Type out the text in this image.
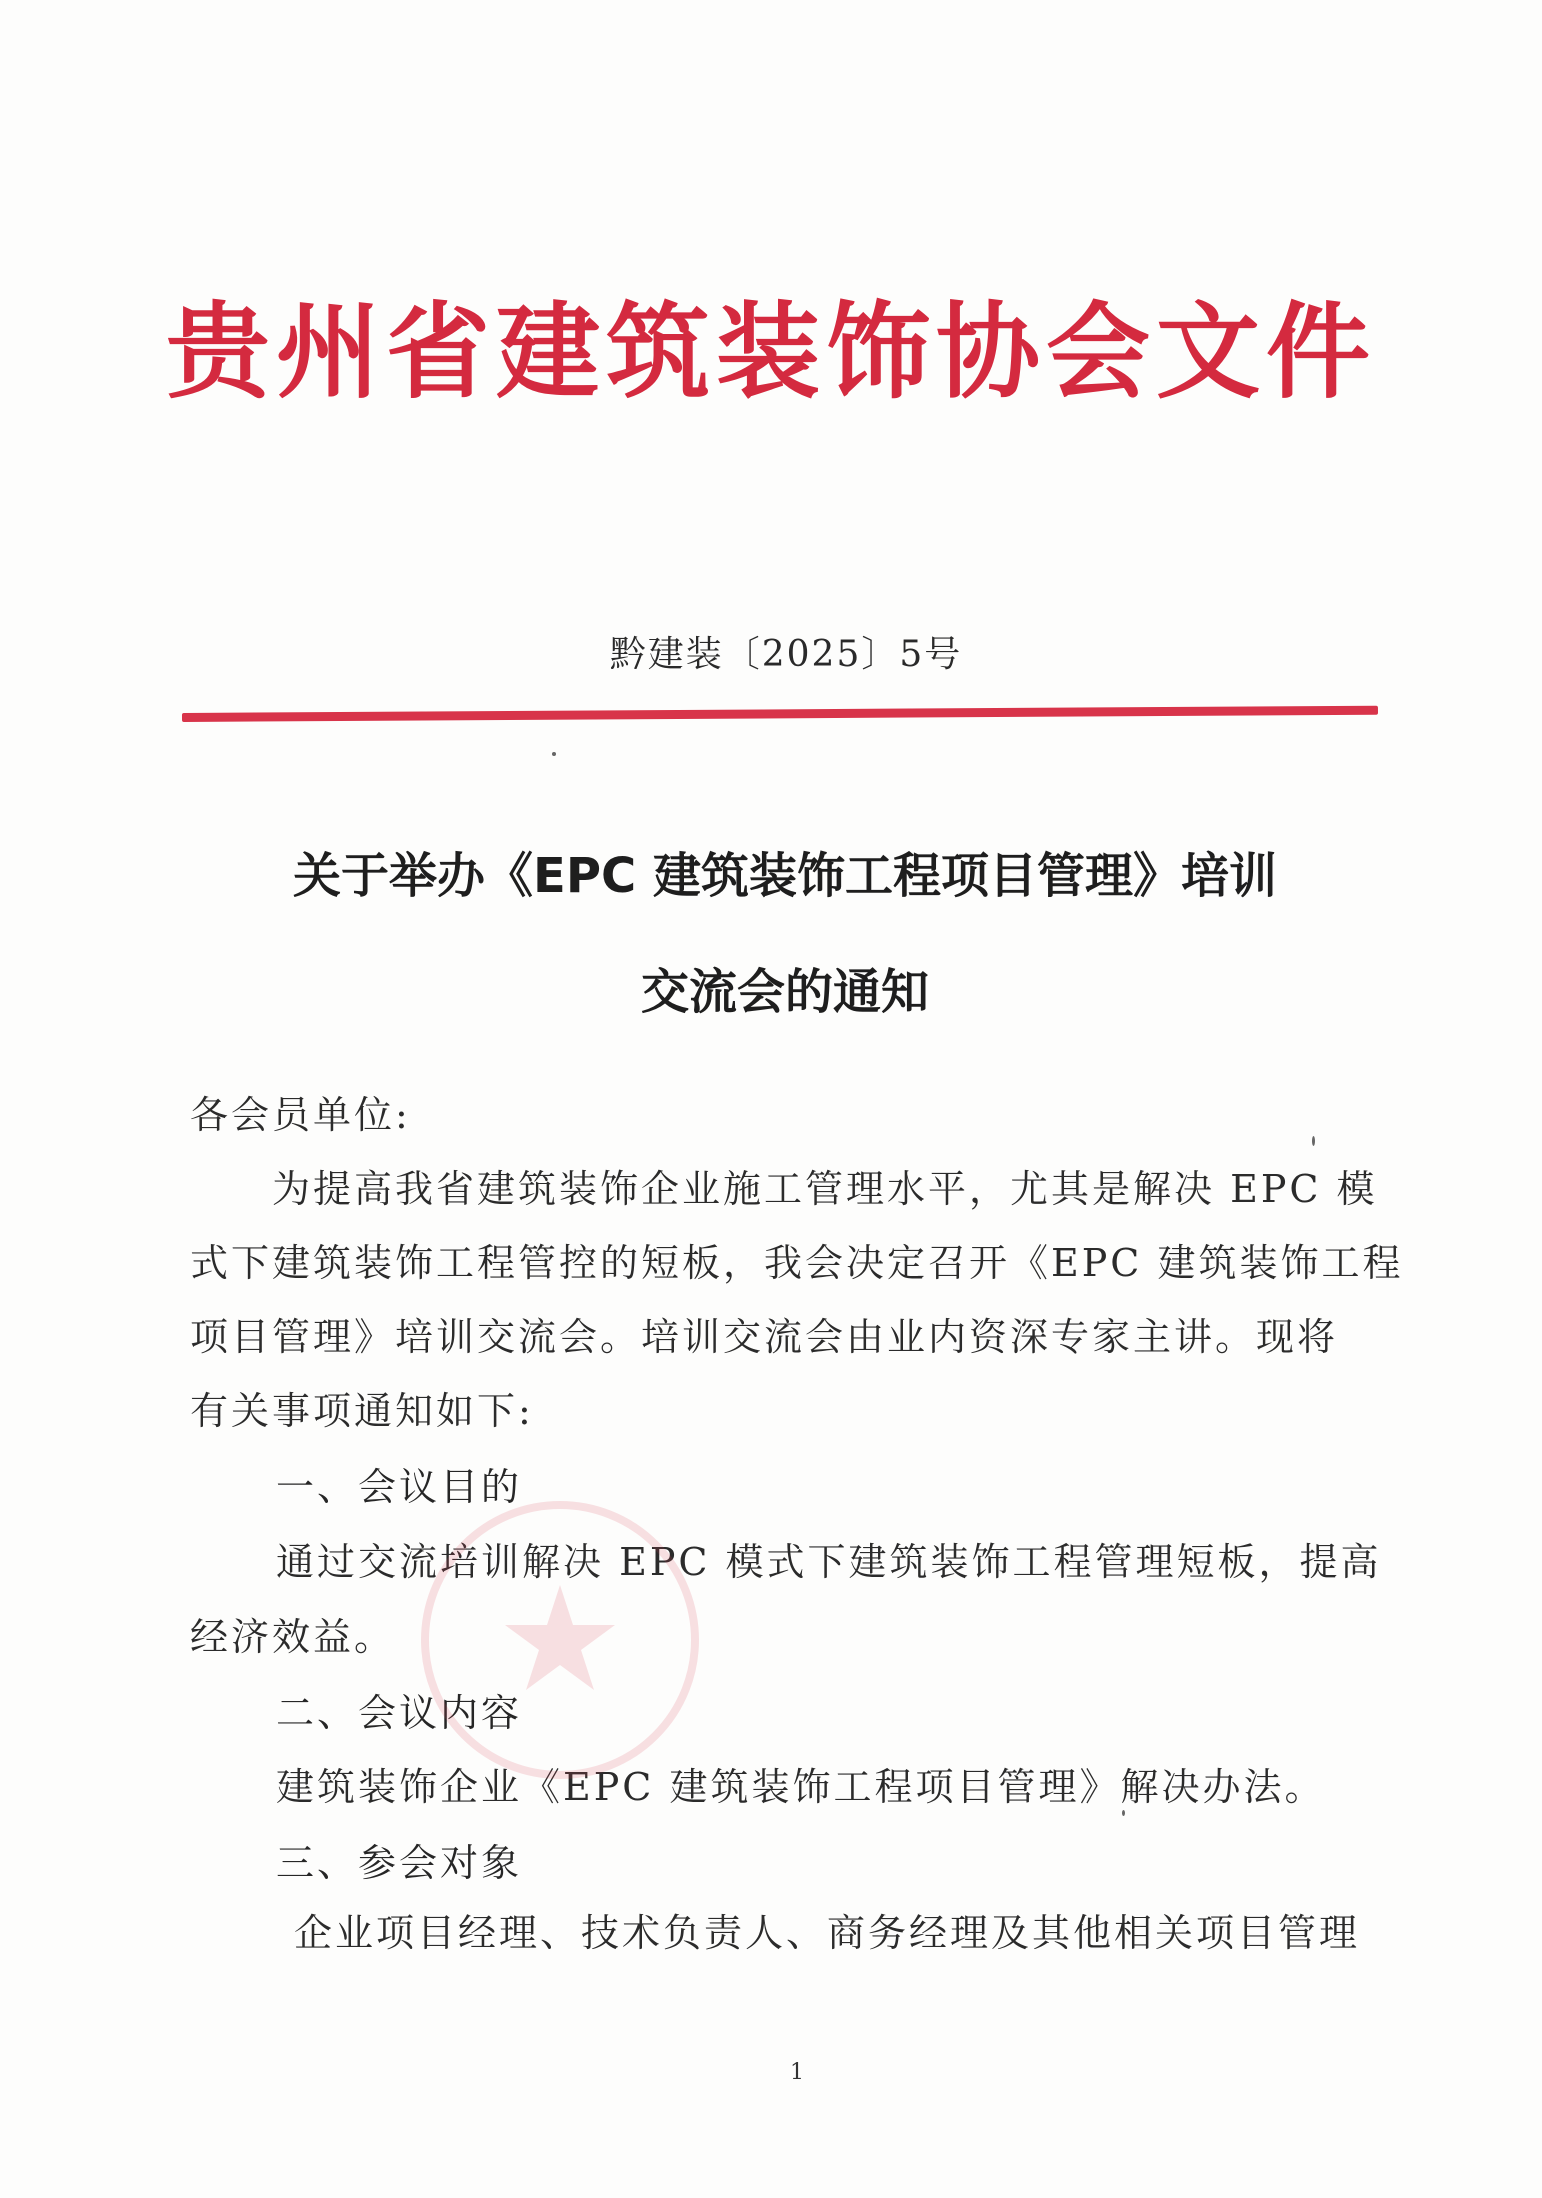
贵州省建筑装饰协会文件
黔建装〔2025〕5号
关于举办《EPC 建筑装饰工程项目管理》培训
交流会的通知
各会员单位:
为提高我省建筑装饰企业施工管理水平，尤其是解决 EPC 模
式下建筑装饰工程管控的短板，我会决定召开《EPC 建筑装饰工程
项目管理》培训交流会。培训交流会由业内资深专家主讲。现将
有关事项通知如下:
一、会议目的
通过交流培训解决 EPC 模式下建筑装饰工程管理短板，提高
经济效益。
二、会议内容
建筑装饰企业《EPC 建筑装饰工程项目管理》解决办法。
三、参会对象
企业项目经理、技术负责人、商务经理及其他相关项目管理
1
